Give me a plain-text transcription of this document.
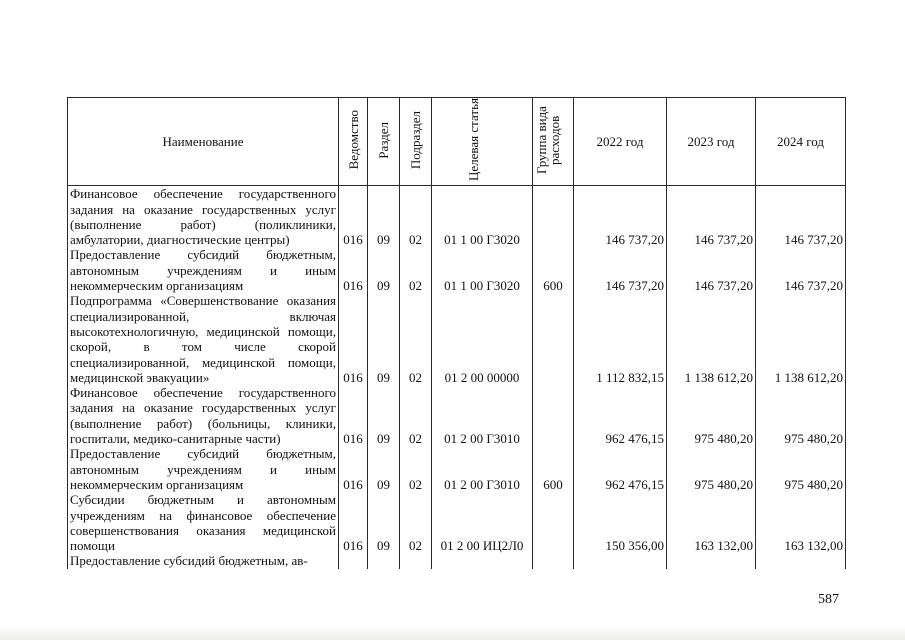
Наименование	Ведомство	Раздел	Подраздел	Целевая статья	Группа вида расходов	2022 год	2023 год	2024 год
Финансовое обеспечение государственного задания на оказание государственных услуг (выполнение работ) (поликлиники, амбулатории, диагностические центры)	016	09	02	01 1 00 Г3020		146 737,20	146 737,20	146 737,20
Предоставление субсидий бюджетным, автономным учреждениям и иным некоммерческим организациям	016	09	02	01 1 00 Г3020	600	146 737,20	146 737,20	146 737,20
Подпрограмма «Совершенствование оказания специализированной, включая высокотехнологичную, медицинской помощи, скорой, в том числе скорой специализированной, медицинской помощи, медицинской эвакуации»	016	09	02	01 2 00 00000		1 112 832,15	1 138 612,20	1 138 612,20
Финансовое обеспечение государственного задания на оказание государственных услуг (выполнение работ) (больницы, клиники, госпитали, медико-санитарные части)	016	09	02	01 2 00 Г3010		962 476,15	975 480,20	975 480,20
Предоставление субсидий бюджетным, автономным учреждениям и иным некоммерческим организациям	016	09	02	01 2 00 Г3010	600	962 476,15	975 480,20	975 480,20
Субсидии бюджетным и автономным учреждениям на финансовое обеспечение совершенствования оказания медицинской помощи	016	09	02	01 2 00 ИЦ2Л0		150 356,00	163 132,00	163 132,00
Предоставление субсидий бюджетным, ав-								
587
